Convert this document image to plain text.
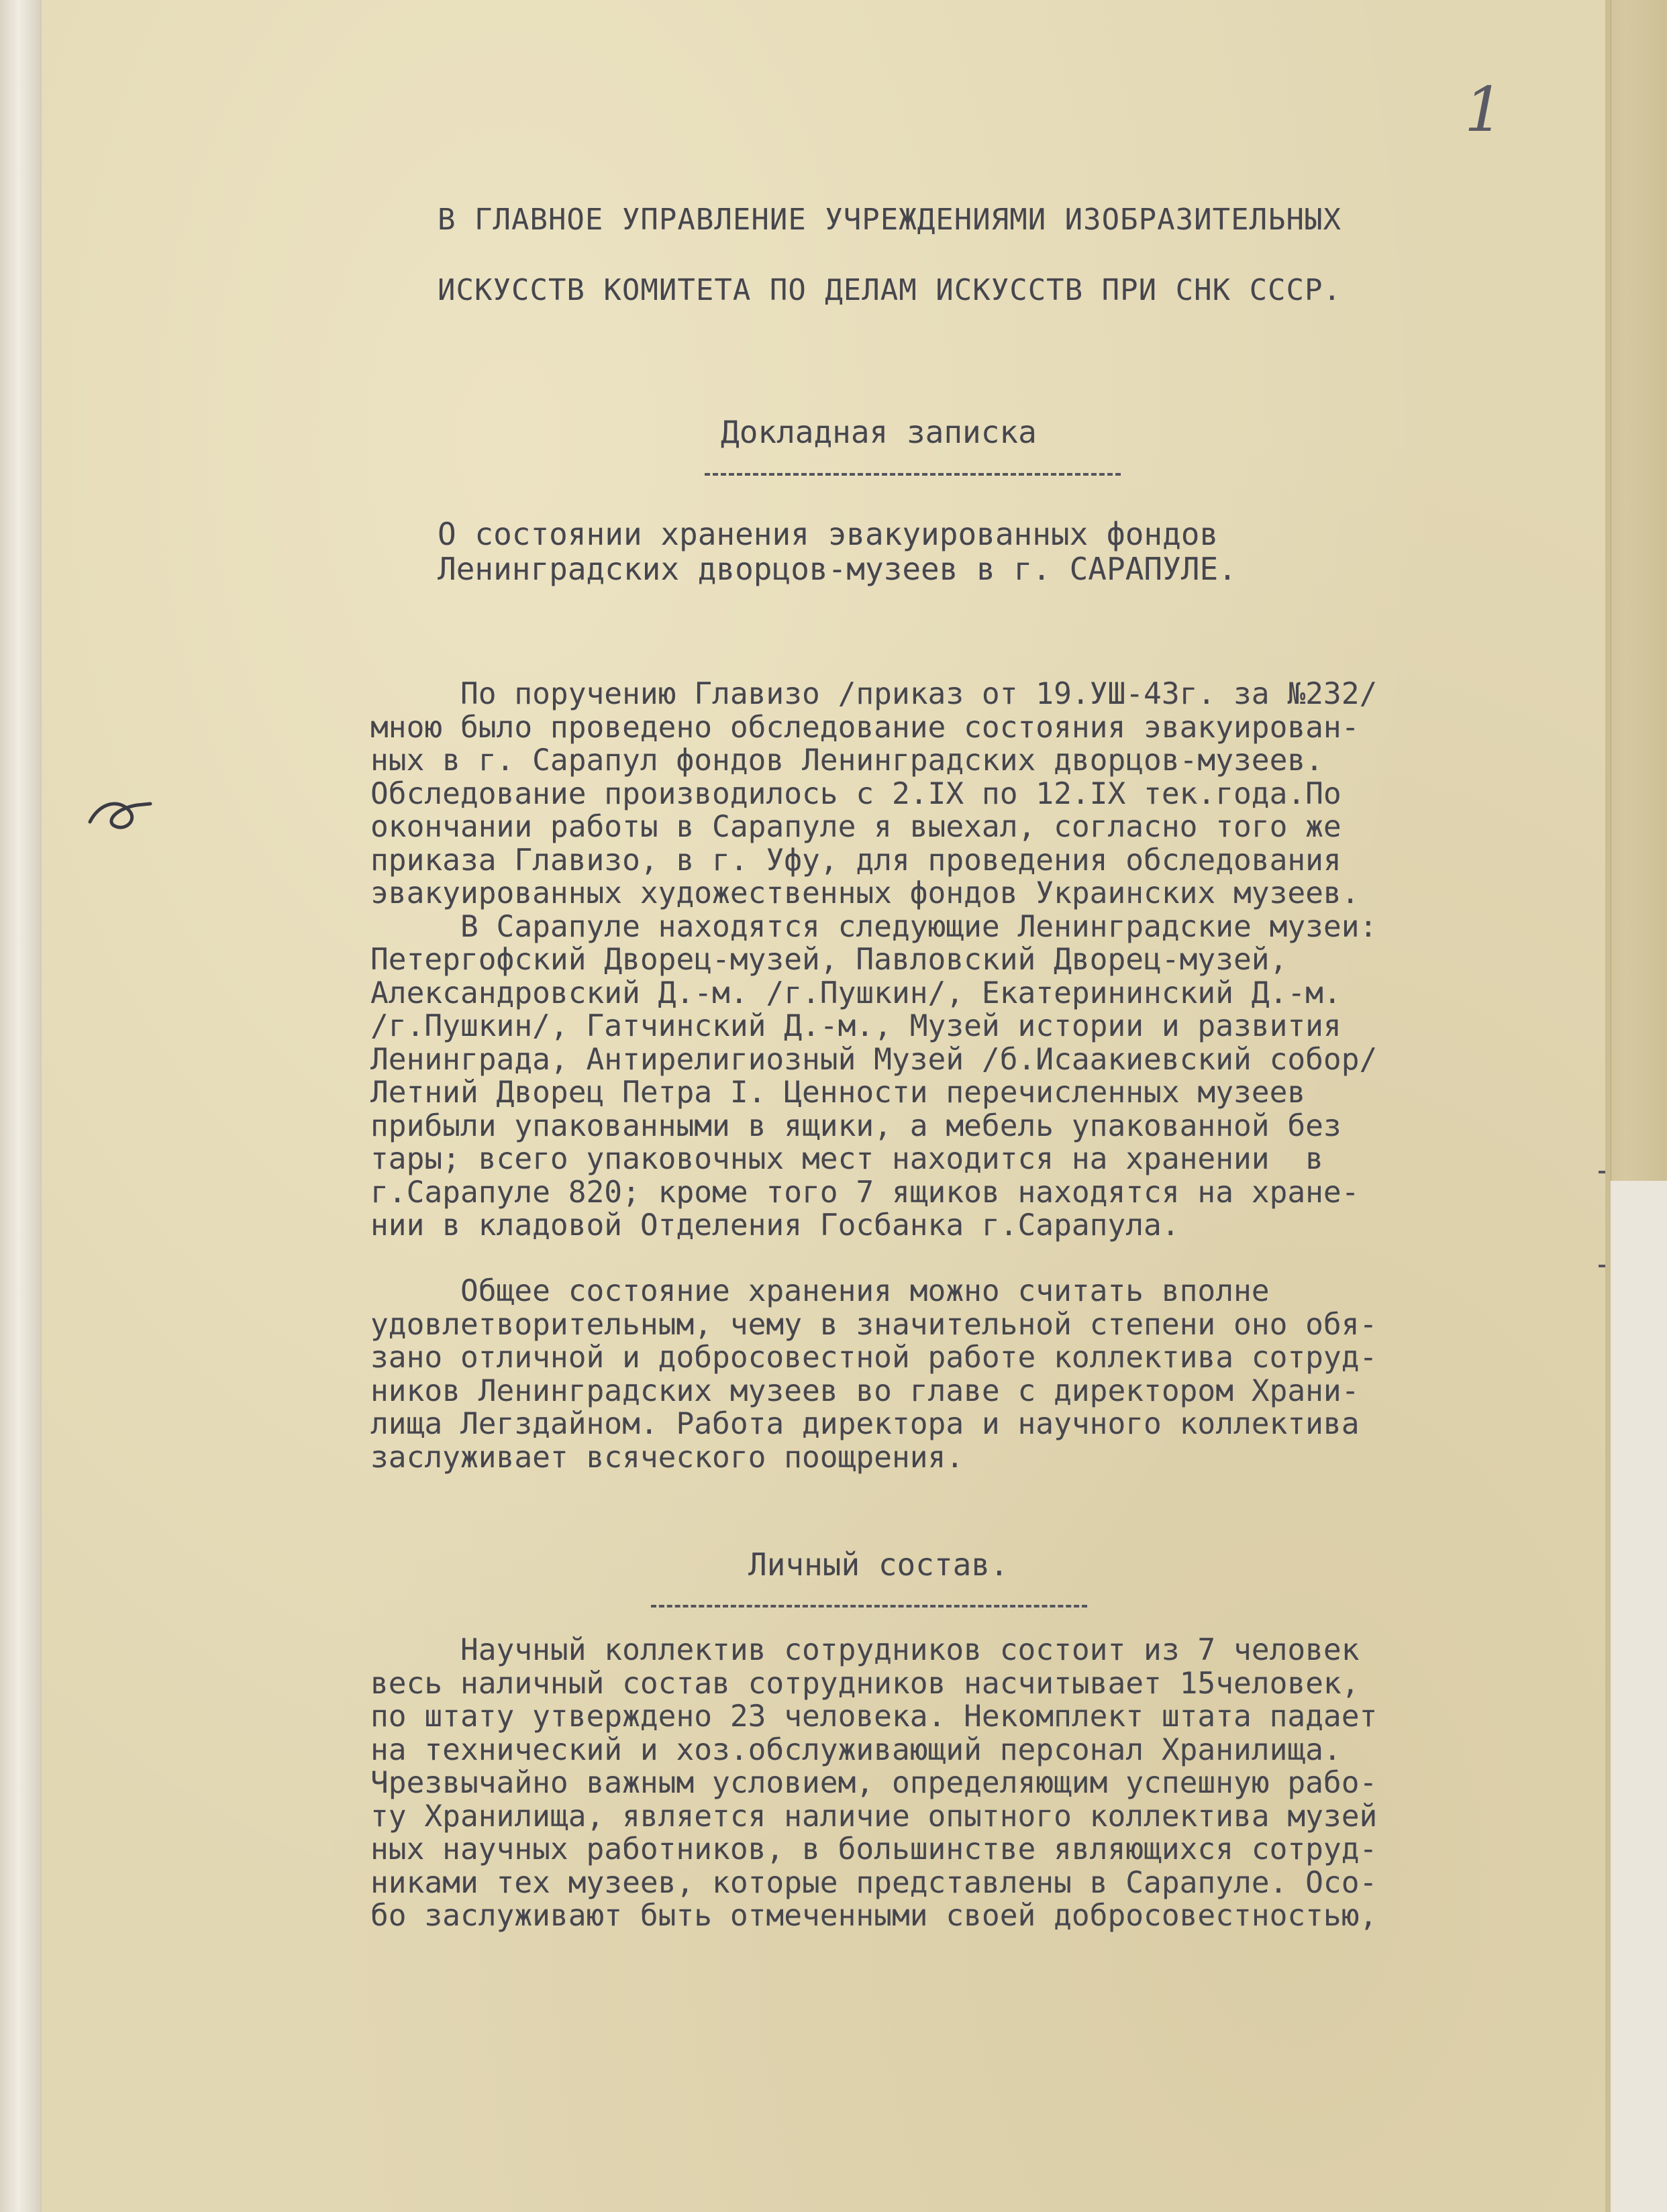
1

В ГЛАВНОЕ УПРАВЛЕНИЕ УЧРЕЖДЕНИЯМИ ИЗОБРАЗИТЕЛЬНЫХ

ИСКУССТВ КОМИТЕТА ПО ДЕЛАМ ИСКУССТВ ПРИ СНК СССР.

Докладная записка

О состоянии хранения эвакуированных фондов

Ленинградских дворцов-музеев в г. САРАПУЛЕ.

По поручению Главизо /приказ от 19.УШ-43г. за №232/

мною было проведено обследование состояния эвакуирован-

ных в г. Сарапул фондов Ленинградских дворцов-музеев.

Обследование производилось с 2.IX по 12.IX тек.года.По

окончании работы в Сарапуле я выехал, согласно того же

приказа Главизо, в г. Уфу, для проведения обследования

эвакуированных художественных фондов Украинских музеев.

В Сарапуле находятся следующие Ленинградские музеи:

Петергофский Дворец-музей, Павловский Дворец-музей,

Александровский Д.-м. /г.Пушкин/, Екатерининский Д.-м.

/г.Пушкин/, Гатчинский Д.-м., Музей истории и развития

Ленинграда, Антирелигиозный Музей /б.Исаакиевский собор/

Летний Дворец Петра I. Ценности перечисленных музеев

прибыли упакованными в ящики, а мебель упакованной без

тары; всего упаковочных мест находится на хранении  в

г.Сарапуле 820; кроме того 7 ящиков находятся на хране-

нии в кладовой Отделения Госбанка г.Сарапула.

Общее состояние хранения можно считать вполне

удовлетворительным, чему в значительной степени оно обя-

зано отличной и добросовестной работе коллектива сотруд-

ников Ленинградских музеев во главе с директором Храни-

лища Легздайном. Работа директора и научного коллектива

заслуживает всяческого поощрения.

Личный состав.

Научный коллектив сотрудников состоит из 7 человек

весь наличный состав сотрудников насчитывает 15человек,

по штату утверждено 23 человека. Некомплект штата падает

на технический и хоз.обслуживающий персонал Хранилища.

Чрезвычайно важным условием, определяющим успешную рабо-

ту Хранилища, является наличие опытного коллектива музей

ных научных работников, в большинстве являющихся сотруд-

никами тех музеев, которые представлены в Сарапуле. Осо-

бо заслуживают быть отмеченными своей добросовестностью,
